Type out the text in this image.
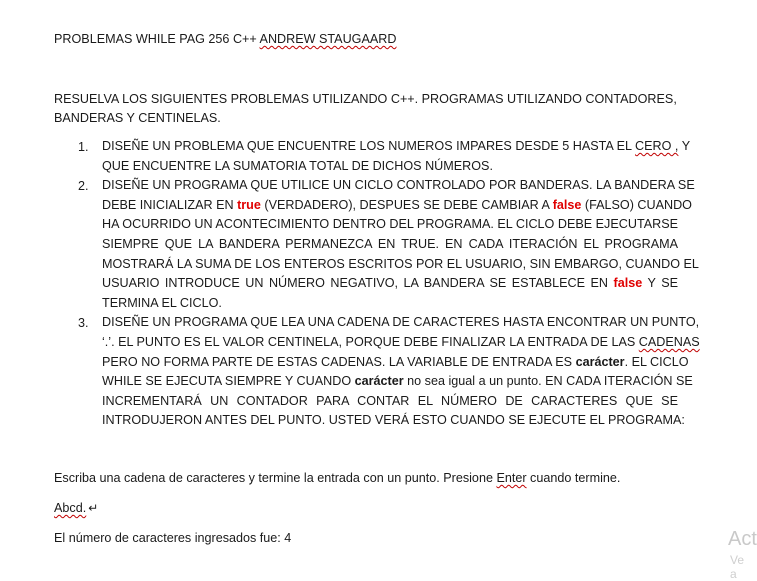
PROBLEMAS WHILE PAG 256 C++ ANDREW STAUGAARD
RESUELVA LOS SIGUIENTES PROBLEMAS UTILIZANDO C++. PROGRAMAS UTILIZANDO CONTADORES,
BANDERAS Y CENTINELAS.
1.	DISEÑE UN PROBLEMA QUE ENCUENTRE LOS NUMEROS IMPARES DESDE 5 HASTA EL CERO , Y
QUE ENCUENTRE LA SUMATORIA TOTAL DE DICHOS NÚMEROS.
2.	DISEÑE UN PROGRAMA QUE UTILICE UN CICLO CONTROLADO POR BANDERAS. LA BANDERA SE
DEBE INICIALIZAR EN true (VERDADERO), DESPUES SE DEBE CAMBIAR A false (FALSO) CUANDO
HA OCURRIDO UN ACONTECIMIENTO DENTRO DEL PROGRAMA. EL CICLO DEBE EJECUTARSE
SIEMPRE QUE LA BANDERA PERMANEZCA EN TRUE. EN CADA ITERACIÓN EL PROGRAMA
MOSTRARÁ LA SUMA DE LOS ENTEROS ESCRITOS POR EL USUARIO, SIN EMBARGO, CUANDO EL
USUARIO INTRODUCE UN NÚMERO NEGATIVO, LA BANDERA SE ESTABLECE EN false Y SE
TERMINA EL CICLO.
3.	DISEÑE UN PROGRAMA QUE LEA UNA CADENA DE CARACTERES HASTA ENCONTRAR UN PUNTO,
‘.’. EL PUNTO ES EL VALOR CENTINELA, PORQUE DEBE FINALIZAR LA ENTRADA DE LAS CADENAS
PERO NO FORMA PARTE DE ESTAS CADENAS. LA VARIABLE DE ENTRADA ES carácter. EL CICLO
WHILE SE EJECUTA SIEMPRE Y CUANDO carácter no sea igual a un punto. EN CADA ITERACIÓN SE
INCREMENTARÁ UN CONTADOR PARA CONTAR EL NÚMERO DE CARACTERES QUE SE
INTRODUJERON ANTES DEL PUNTO. USTED VERÁ ESTO CUANDO SE EJECUTE EL PROGRAMA:
Escriba una cadena de caracteres y termine la entrada con un punto. Presione Enter cuando termine.
Abcd. ↵
El número de caracteres ingresados fue: 4	Act
Ve a
